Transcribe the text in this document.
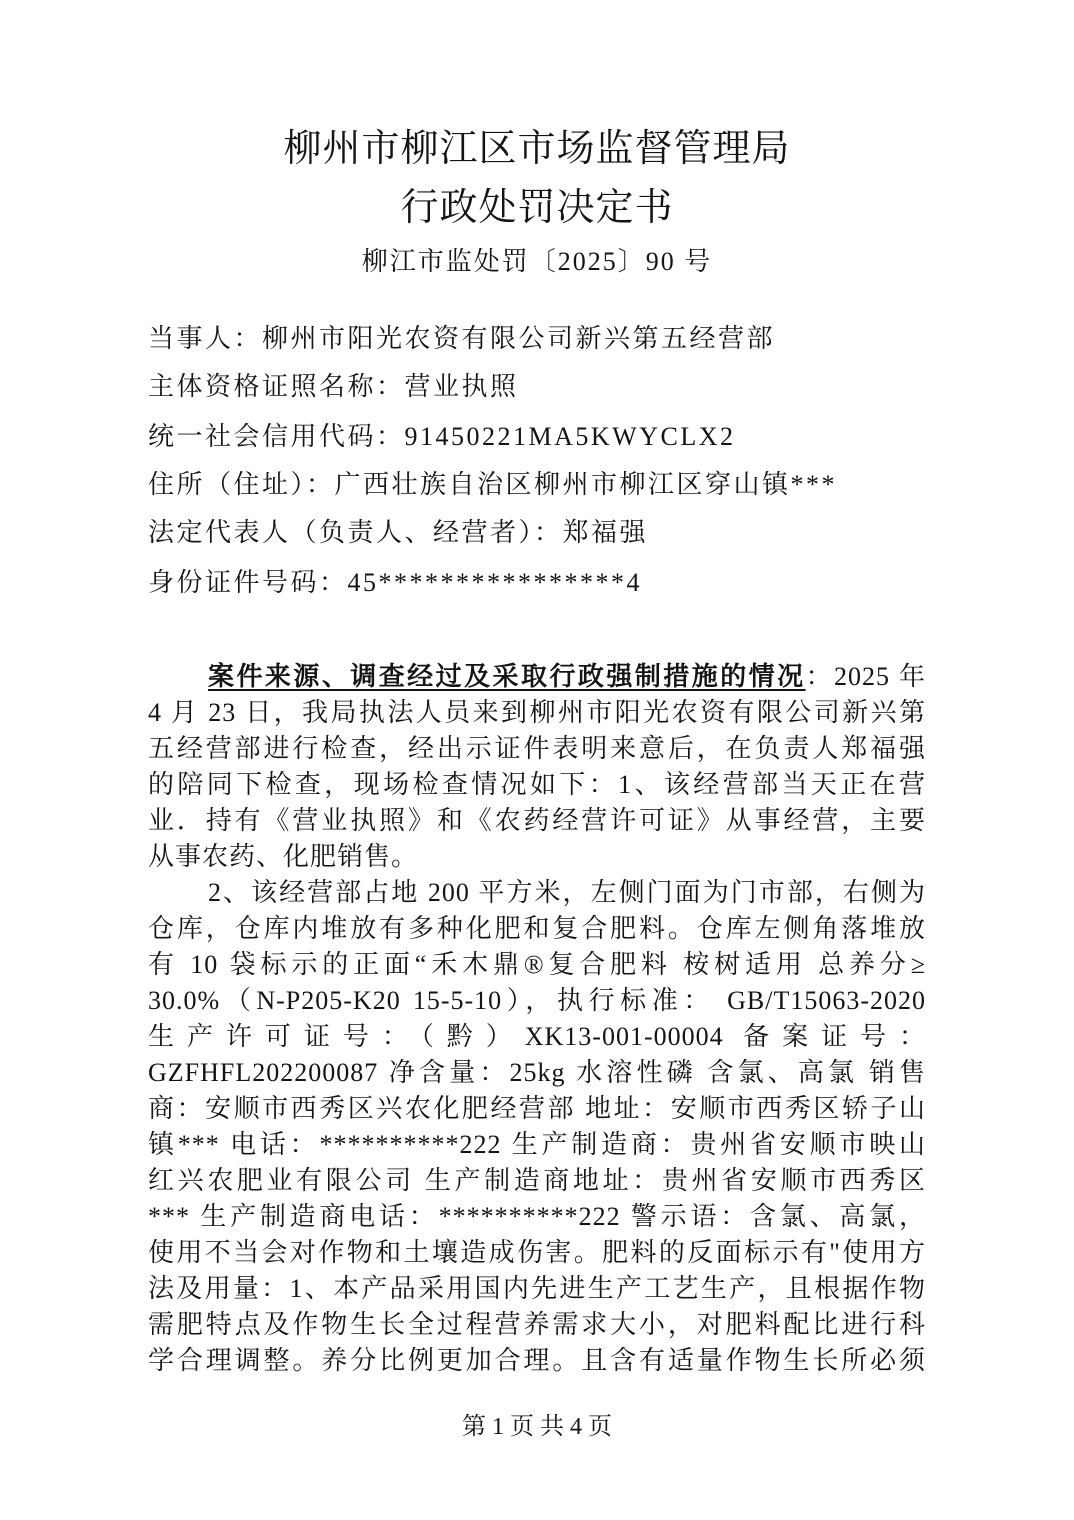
柳州市柳江区市场监督管理局
行政处罚决定书
柳江市监处罚〔2025〕90 号
当事人：柳州市阳光农资有限公司新兴第五经营部
主体资格证照名称：营业执照
统一社会信用代码：91450221MA5KWYCLX2
住所（住址）：广西壮族自治区柳州市柳江区穿山镇***
法定代表人（负责人、经营者）：郑福强
身份证件号码：45****************4
案件来源、调查经过及采取行政强制措施的情况：2025 年
4 月 23 日，我局执法人员来到柳州市阳光农资有限公司新兴第
五经营部进行检查，经出示证件表明来意后，在负责人郑福强
的陪同下检查，现场检查情况如下：1、该经营部当天正在营
业．持有《营业执照》和《农药经营许可证》从事经营，主要
从事农药、化肥销售。
2、该经营部占地 200 平方米，左侧门面为门市部，右侧为
仓库，仓库内堆放有多种化肥和复合肥料。仓库左侧角落堆放
有 10 袋标示的正面“禾木鼎®复合肥料 桉树适用 总养分≥
30.0%（N-P205-K20 15-5-10），执行标准： GB/T15063-2020
生产许可证号：（黔）XK13-001-00004 备案证号：
GZFHFL202200087 净含量：25kg 水溶性磷 含氯、高氯 销售
商：安顺市西秀区兴农化肥经营部 地址：安顺市西秀区轿子山
镇*** 电话：**********222 生产制造商：贵州省安顺市映山
红兴农肥业有限公司 生产制造商地址：贵州省安顺市西秀区
*** 生产制造商电话：**********222 警示语：含氯、高氯，
使用不当会对作物和土壤造成伤害。肥料的反面标示有"使用方
法及用量：1、本产品采用国内先进生产工艺生产，且根据作物
需肥特点及作物生长全过程营养需求大小，对肥料配比进行科
学合理调整。养分比例更加合理。且含有适量作物生长所必须
第 1 页 共 4 页
